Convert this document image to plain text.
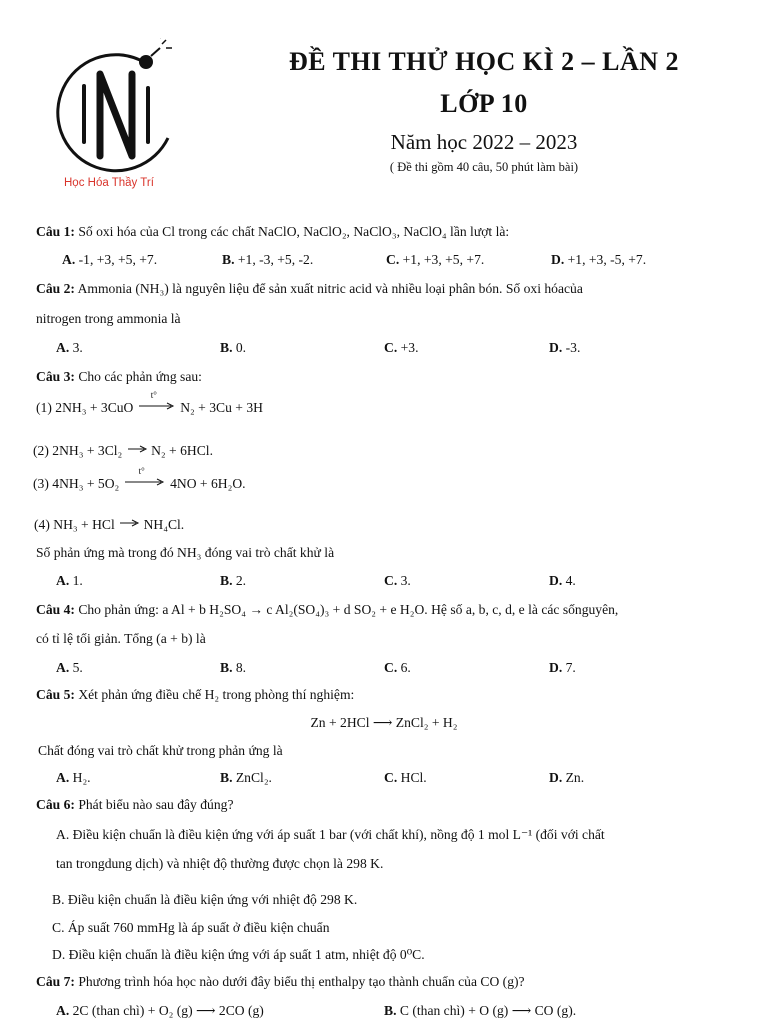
NT
Học Hóa Thầy Trí
ĐỀ THI THỬ HỌC KÌ 2 – LẦN 2
LỚP 10
Năm học 2022 – 2023
( Đề thi gồm 40 câu, 50 phút làm bài)
Câu 1: Số oxi hóa của Cl trong các chất NaClO, NaClO₂, NaClO₃, NaClO₄ lần lượt là:
A. -1, +3, +5, +7.	B. +1, -3, +5, -2.	C. +1, +3, +5, +7.	D. +1, +3, -5, +7.
Câu 2: Ammonia (NH₃) là nguyên liệu để sản xuất nitric acid và nhiều loại phân bón. Số oxi hóacủa
nitrogen trong ammonia là
A. 3.	B. 0.	C. +3.	D. -3.
Câu 3: Cho các phản ứng sau:
(1) 2NH₃ + 3CuO
t°
N₂ + 3Cu + 3H
(2) 2NH₃ + 3Cl₂ N₂ + 6HCl.
(3) 4NH₃ + 5O₂
t°
4NO + 6H₂O.
(4) NH₃ + HCl NH₄Cl.
Số phản ứng mà trong đó NH₃ đóng vai trò chất khử là
A. 1.	B. 2.	C. 3.	D. 4.
Câu 4: Cho phản ứng: a Al + b H₂SO₄ → c Al₂(SO₄)₃ + d SO₂ + e H₂O. Hệ số a, b, c, d, e là các sốnguyên,
có tỉ lệ tối giản. Tổng (a + b) là
A. 5.	B. 8.	C. 6.	D. 7.
Câu 5: Xét phản ứng điều chế H₂ trong phòng thí nghiệm:
Zn + 2HCl ⟶ ZnCl₂ + H₂
Chất đóng vai trò chất khử trong phản ứng là
A. H₂.	B. ZnCl₂.	C. HCl.	D. Zn.
Câu 6: Phát biểu nào sau đây đúng?
A. Điều kiện chuẩn là điều kiện ứng với áp suất 1 bar (với chất khí), nồng độ 1 mol L⁻¹ (đối với chất
tan trongdung dịch) và nhiệt độ thường được chọn là 298 K.
B. Điều kiện chuẩn là điều kiện ứng với nhiệt độ 298 K.
C. Áp suất 760 mmHg là áp suất ở điều kiện chuẩn
D. Điều kiện chuẩn là điều kiện ứng với áp suất 1 atm, nhiệt độ 0⁰C.
Câu 7: Phương trình hóa học nào dưới đây biểu thị enthalpy tạo thành chuẩn của CO (g)?
A. 2C (than chì) + O₂ (g) ⟶ 2CO (g)	B. C (than chì) + O (g) ⟶ CO (g).
